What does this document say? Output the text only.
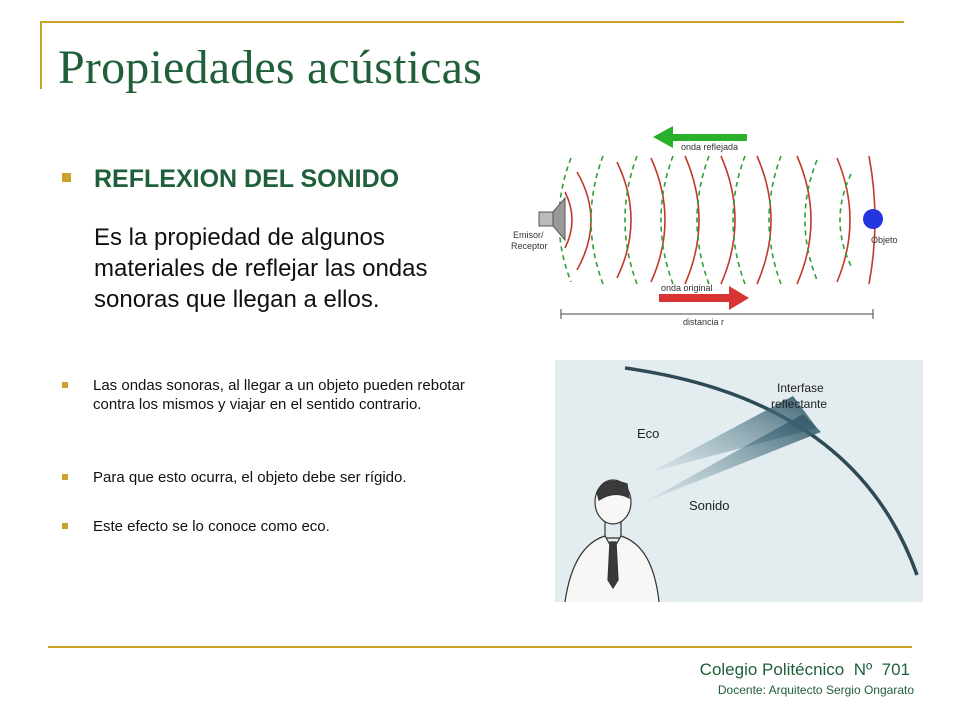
Propiedades acústicas
REFLEXION DEL SONIDO

Es la propiedad de algunos materiales de reflejar las ondas sonoras que llegan a ellos.

Las ondas sonoras, al llegar a un objeto pueden rebotar contra los mismos y viajar en el sentido contrario.

Para que esto ocurra, el objeto debe ser rígido.

Este efecto se lo conoce como eco.

Emisor/
Receptor
Objeto
onda reflejada
onda original
distancia r
Interfase
reflectante
Eco
Sonido

Colegio Politécnico  Nº  701

Docente: Arquitecto Sergio Ongarato
